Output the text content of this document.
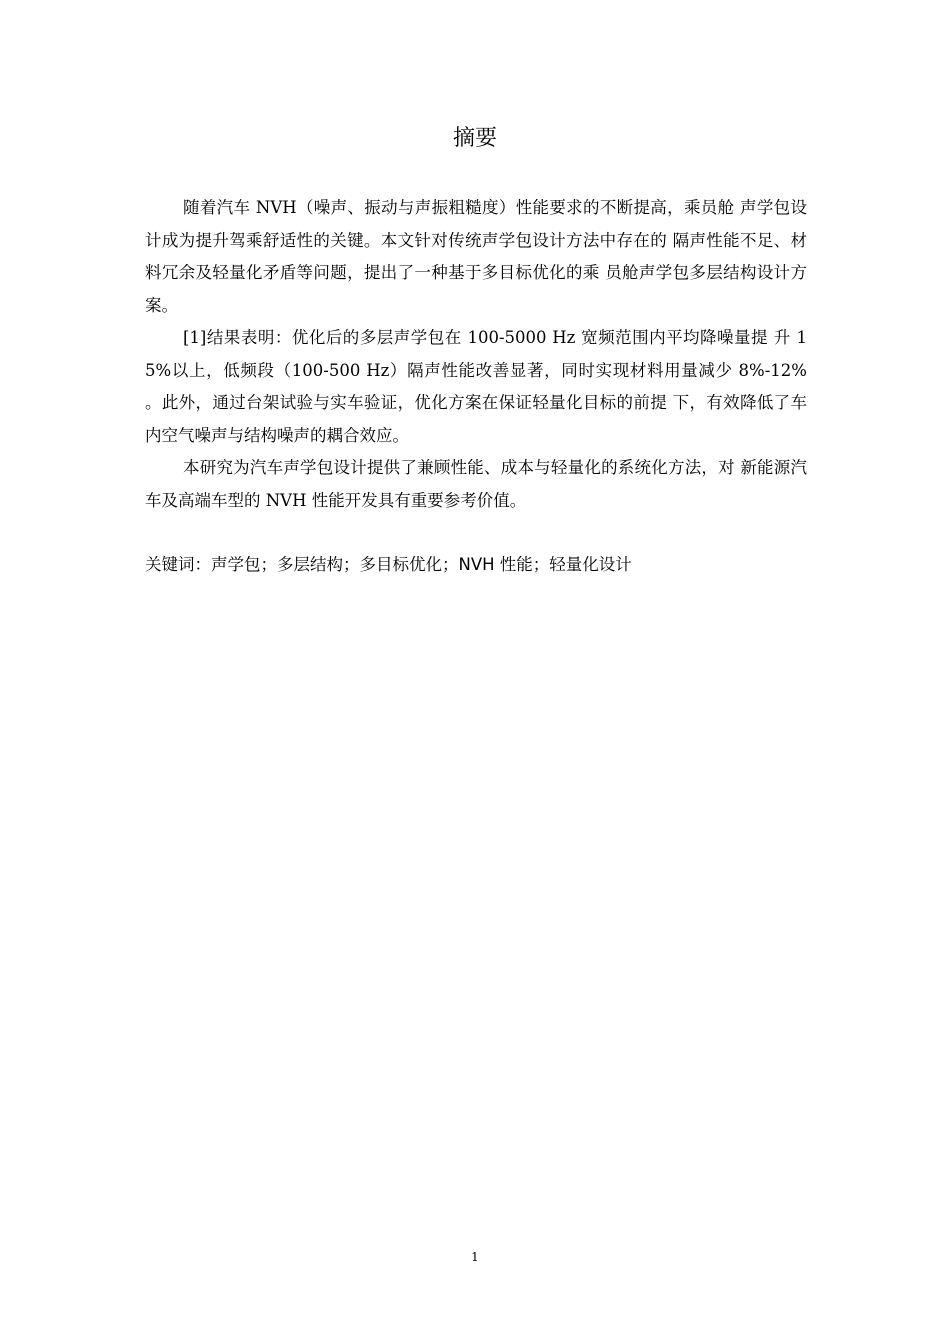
摘要

随着汽车 NVH（噪声、振动与声振粗糙度）性能要求的不断提高，乘员舱 声学包设计成为提升驾乘舒适性的关键。本文针对传统声学包设计方法中存在的 隔声性能不足、材料冗余及轻量化矛盾等问题，提出了一种基于多目标优化的乘 员舱声学包多层结构设计方案。

[1]结果表明：优化后的多层声学包在 100-5000 Hz 宽频范围内平均降噪量提 升 15%以上，低频段（100-500 Hz）隔声性能改善显著，同时实现材料用量减少 8%-12% 。此外，通过台架试验与实车验证，优化方案在保证轻量化目标的前提 下，有效降低了车内空气噪声与结构噪声的耦合效应。

本研究为汽车声学包设计提供了兼顾性能、成本与轻量化的系统化方法，对 新能源汽车及高端车型的 NVH 性能开发具有重要参考价值。

关键词：声学包；多层结构；多目标优化；NVH 性能；轻量化设计
1
